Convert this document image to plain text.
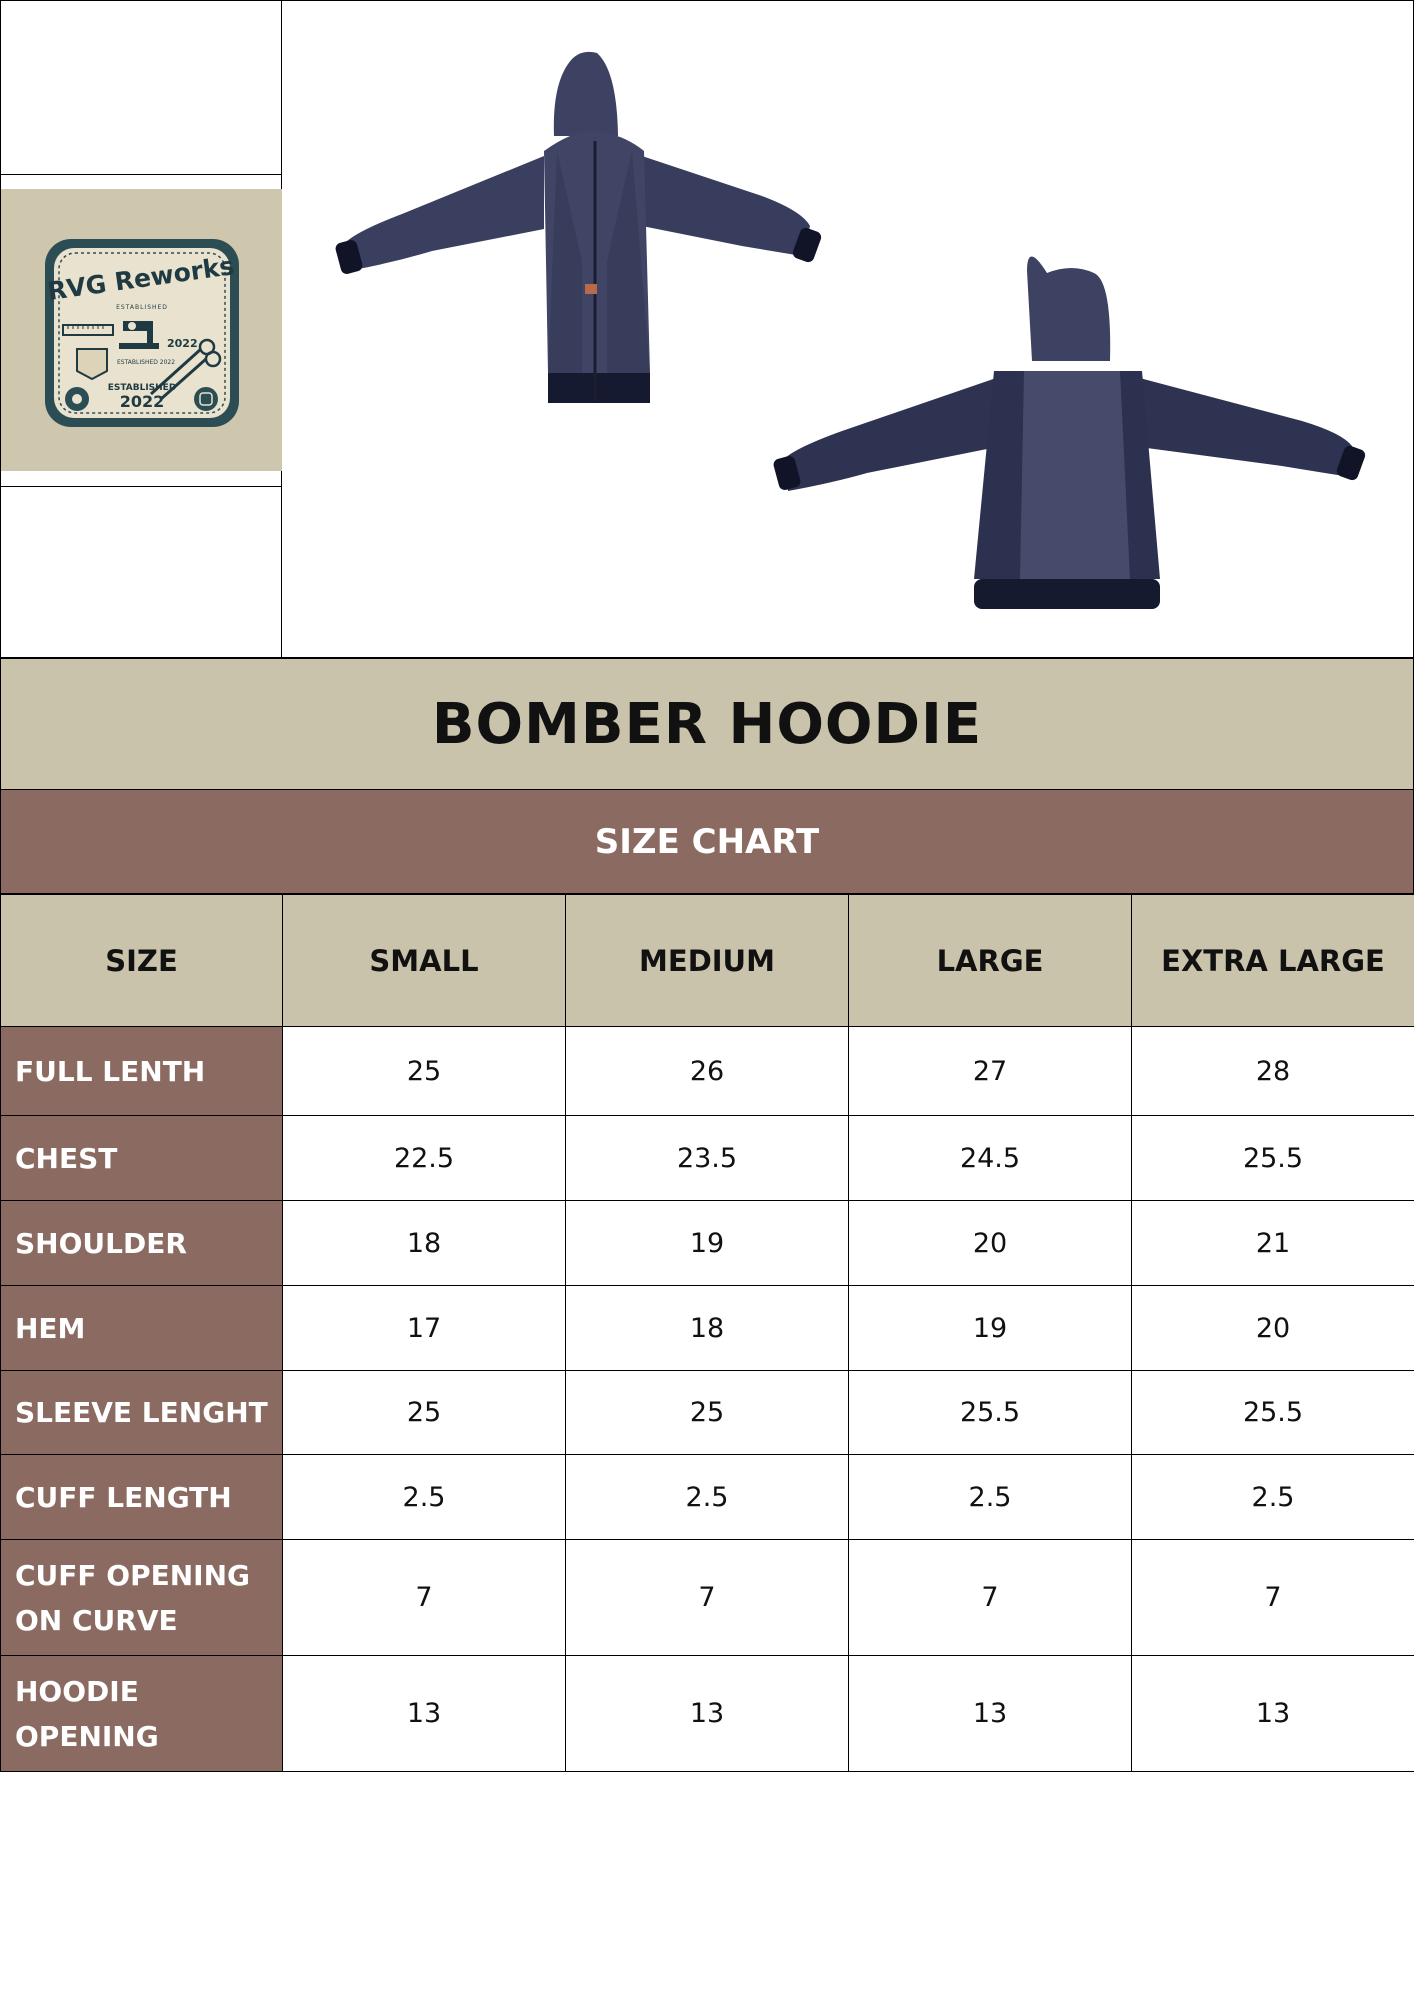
RVG Reworks
ESTABLISHED
2022
ESTABLISHED 2022
ESTABLISHED
2022
BOMBER HOODIE
SIZE CHART
SIZE	SMALL	MEDIUM	LARGE	EXTRA LARGE
FULL LENTH	25	26	27	28
CHEST	22.5	23.5	24.5	25.5
SHOULDER	18	19	20	21
HEM	17	18	19	20
SLEEVE LENGHT	25	25	25.5	25.5
CUFF LENGTH	2.5	2.5	2.5	2.5
CUFF OPENING ON CURVE	7	7	7	7
HOODIE OPENING	13	13	13	13
